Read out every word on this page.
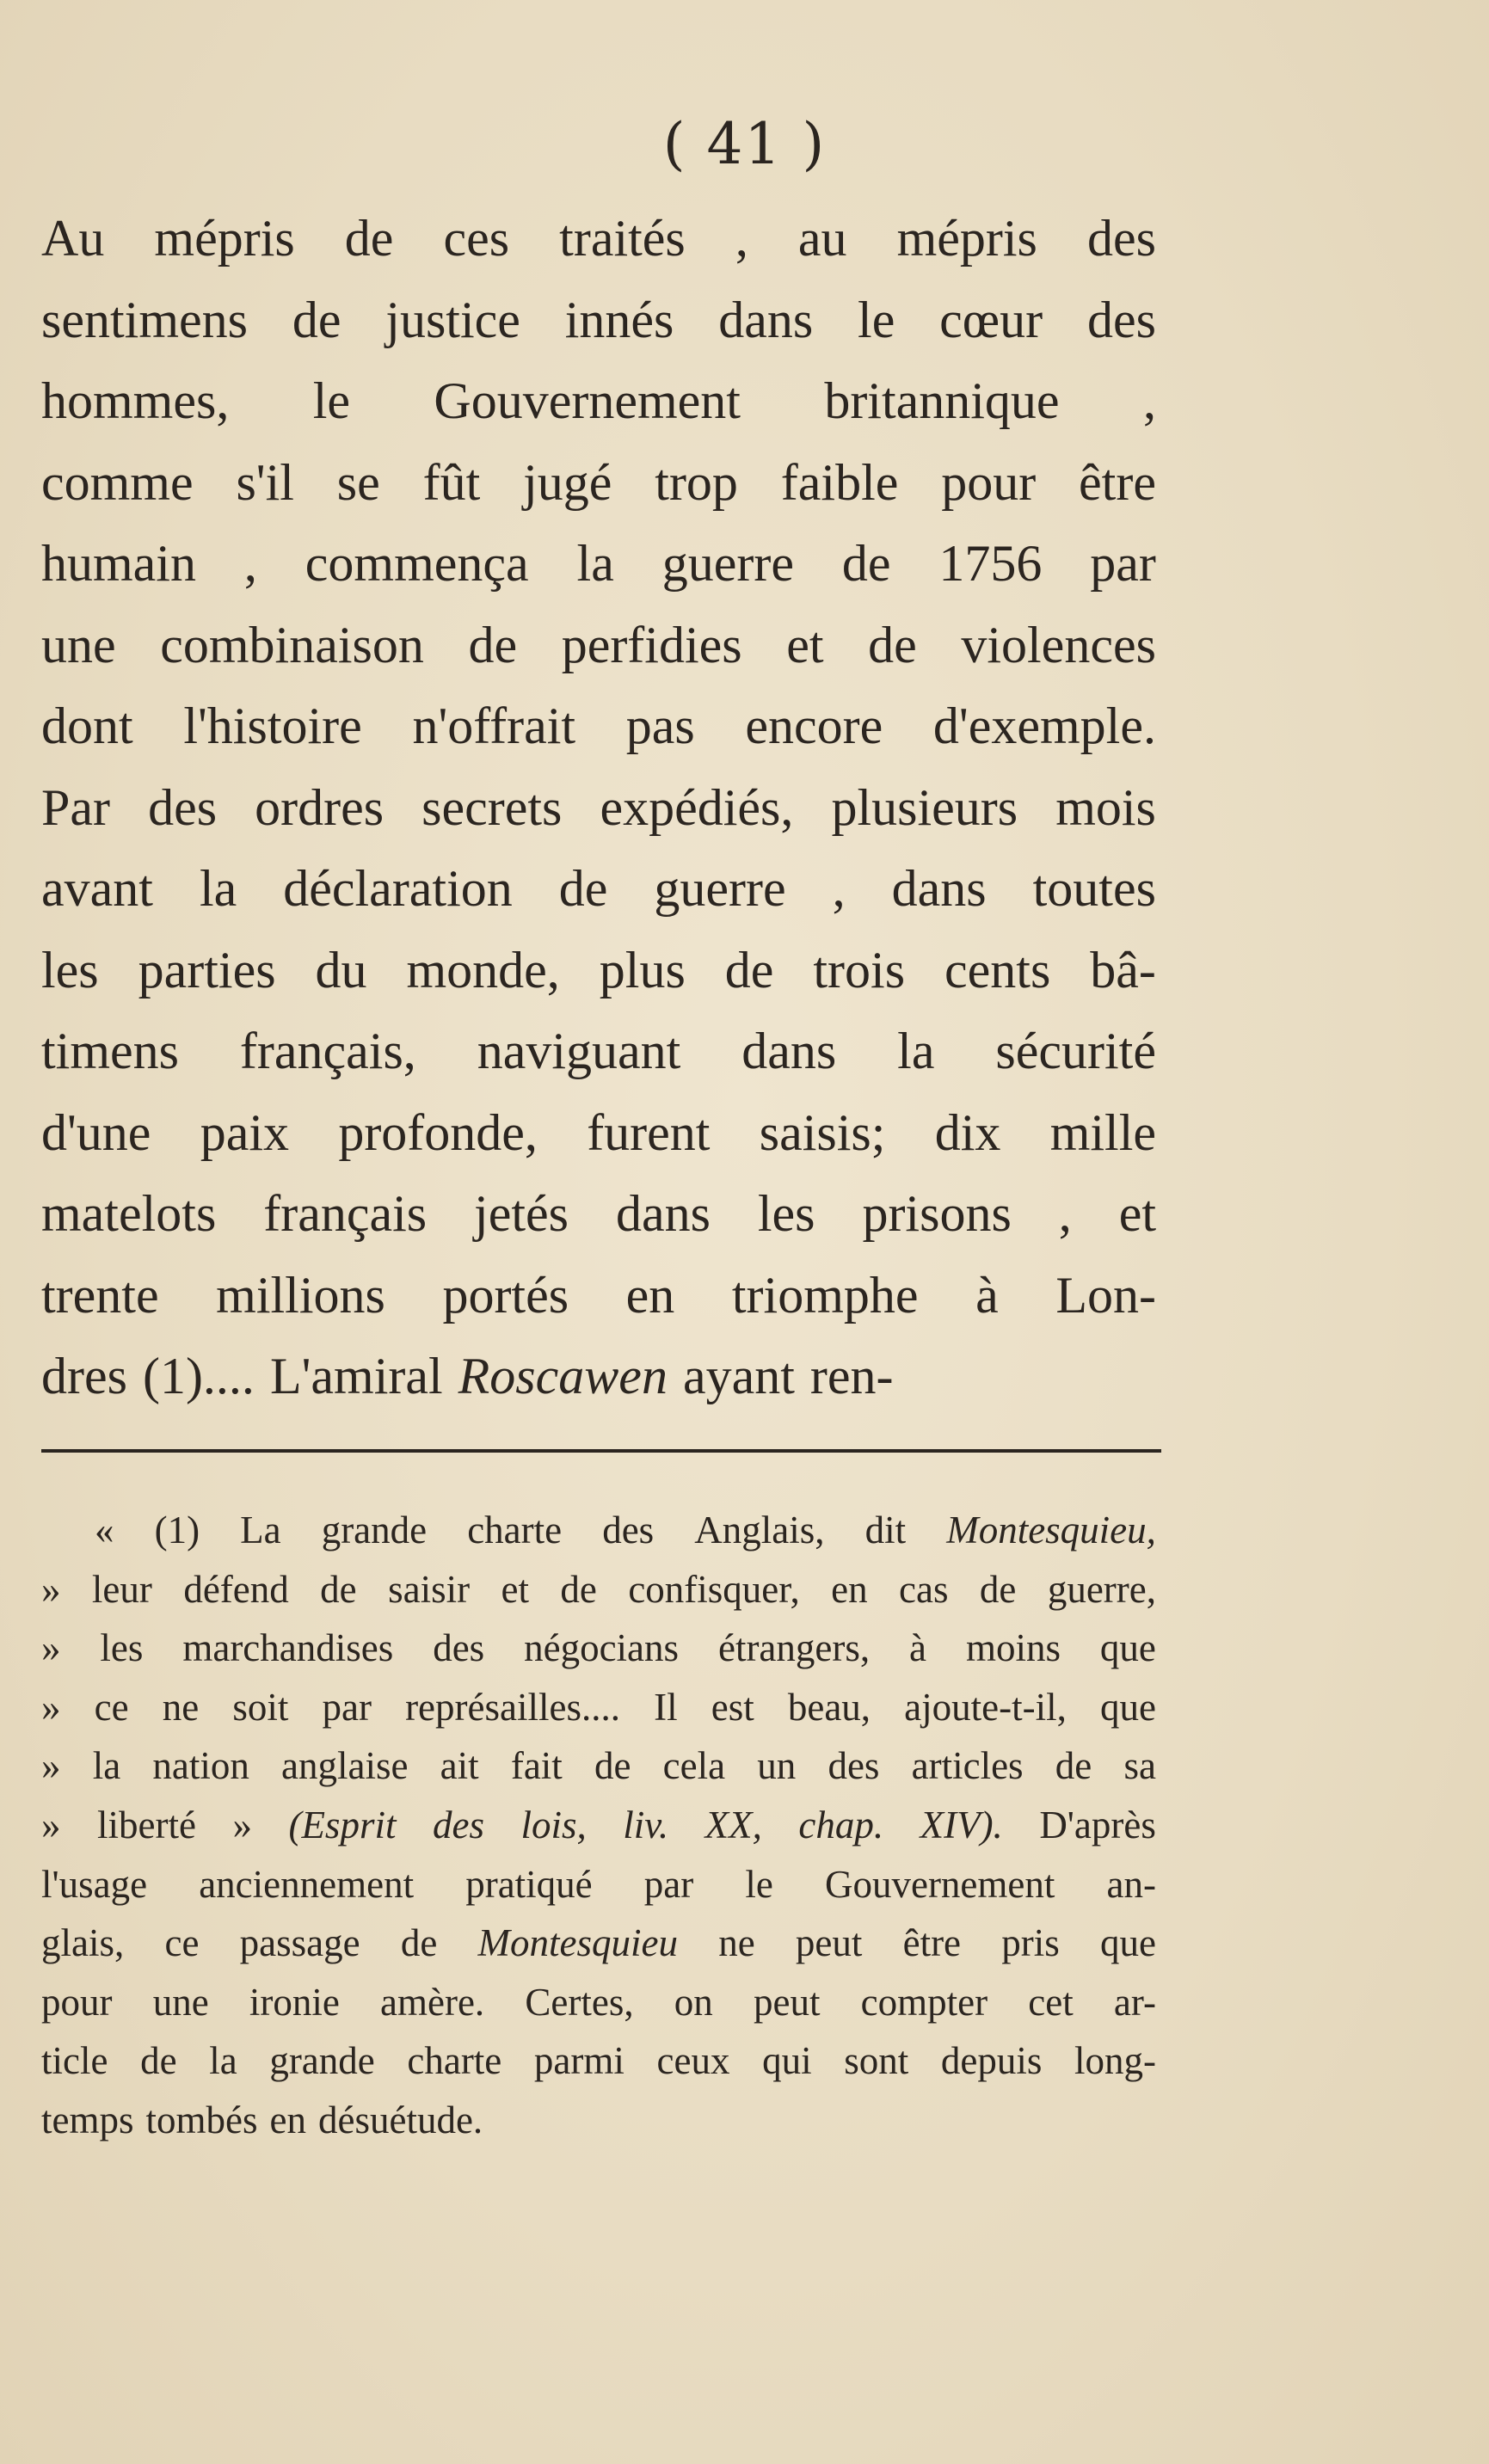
( 41 )
Au mépris de ces traités , au mépris des
sentimens de justice innés dans le cœur des
hommes, le Gouvernement britannique ,
comme s'il se fût jugé trop faible pour être
humain , commença la guerre de 1756 par
une combinaison de perfidies et de violences
dont l'histoire n'offrait pas encore d'exemple.
Par des ordres secrets expédiés, plusieurs mois
avant la déclaration de guerre , dans toutes
les parties du monde, plus de trois cents bâ-
timens français, naviguant dans la sécurité
d'une paix profonde, furent saisis; dix mille
matelots français jetés dans les prisons , et
trente millions portés en triomphe à Lon-
dres (1).... L'amiral Roscawen ayant ren-
« (1) La grande charte des Anglais, dit Montesquieu,
» leur défend de saisir et de confisquer, en cas de guerre,
» les marchandises des négocians étrangers, à moins que
» ce ne soit par représailles.... Il est beau, ajoute-t-il, que
» la nation anglaise ait fait de cela un des articles de sa
» liberté » (Esprit des lois, liv. XX, chap. XIV). D'après
l'usage anciennement pratiqué par le Gouvernement an-
glais, ce passage de Montesquieu ne peut être pris que
pour une ironie amère. Certes, on peut compter cet ar-
ticle de la grande charte parmi ceux qui sont depuis long-
temps tombés en désuétude.
